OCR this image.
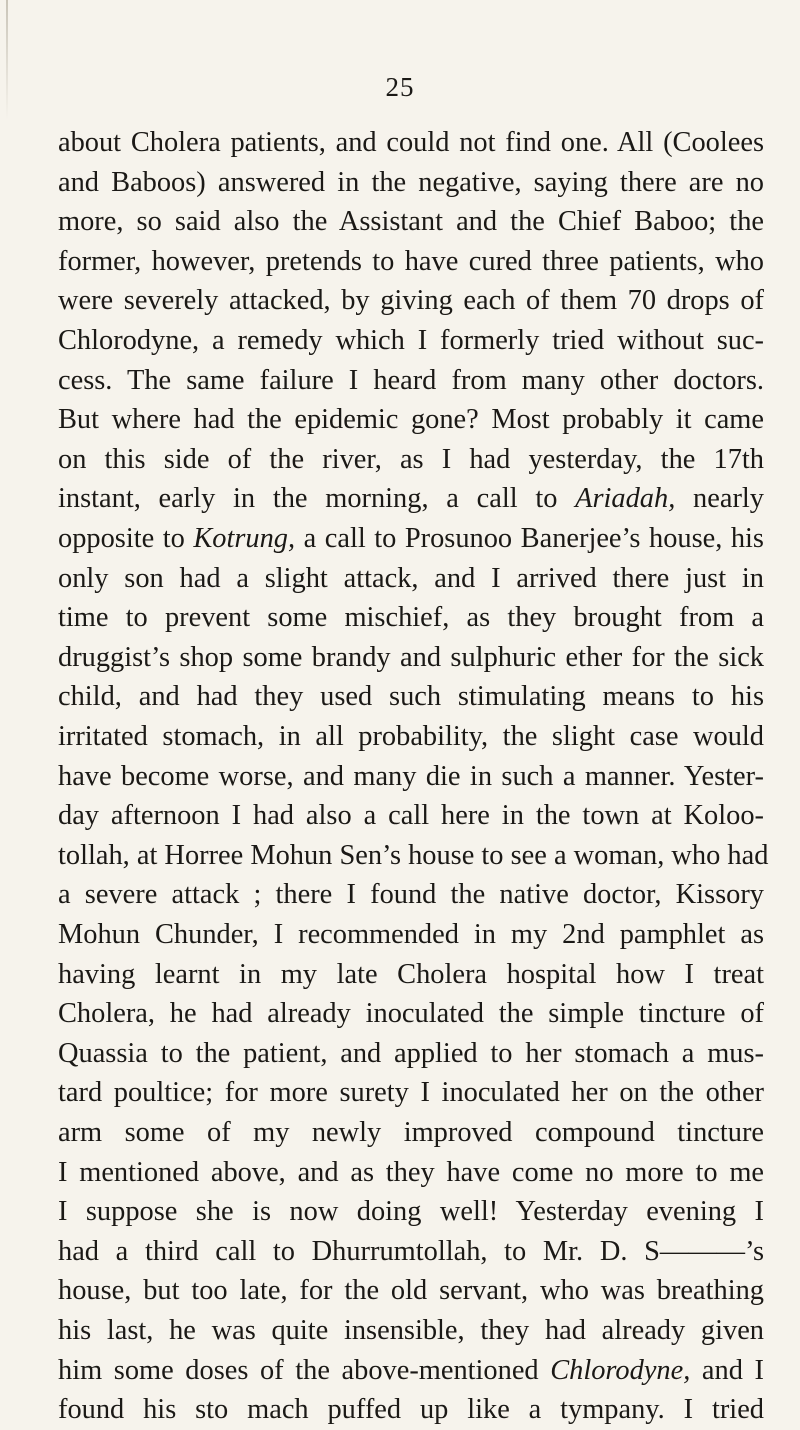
25
about Cholera patients, and could not find one. All (Coolees
and Baboos) answered in the negative, saying there are no
more, so said also the Assistant and the Chief Baboo; the
former, however, pretends to have cured three patients, who
were severely attacked, by giving each of them 70 drops of
Chlorodyne, a remedy which I formerly tried without suc-
cess. The same failure I heard from many other doctors.
But where had the epidemic gone? Most probably it came
on this side of the river, as I had yesterday, the 17th
instant, early in the morning, a call to Ariadah, nearly
opposite to Kotrung, a call to Prosunoo Banerjee’s house, his
only son had a slight attack, and I arrived there just in
time to prevent some mischief, as they brought from a
druggist’s shop some brandy and sulphuric ether for the sick
child, and had they used such stimulating means to his
irritated stomach, in all probability, the slight case would
have become worse, and many die in such a manner. Yester-
day afternoon I had also a call here in the town at Koloo-
tollah, at Horree Mohun Sen’s house to see a woman, who had
a severe attack ; there I found the native doctor, Kissory
Mohun Chunder, I recommended in my 2nd pamphlet as
having learnt in my late Cholera hospital how I treat
Cholera, he had already inoculated the simple tincture of
Quassia to the patient, and applied to her stomach a mus-
tard poultice; for more surety I inoculated her on the other
arm some of my newly improved compound tincture
I mentioned above, and as they have come no more to me
I suppose she is now doing well! Yesterday evening I
had a third call to Dhurrumtollah, to Mr. D. S———’s
house, but too late, for the old servant, who was breathing
his last, he was quite insensible, they had already given
him some doses of the above-mentioned Chlorodyne, and I
found his sto mach puffed up like a tympany. I tried
